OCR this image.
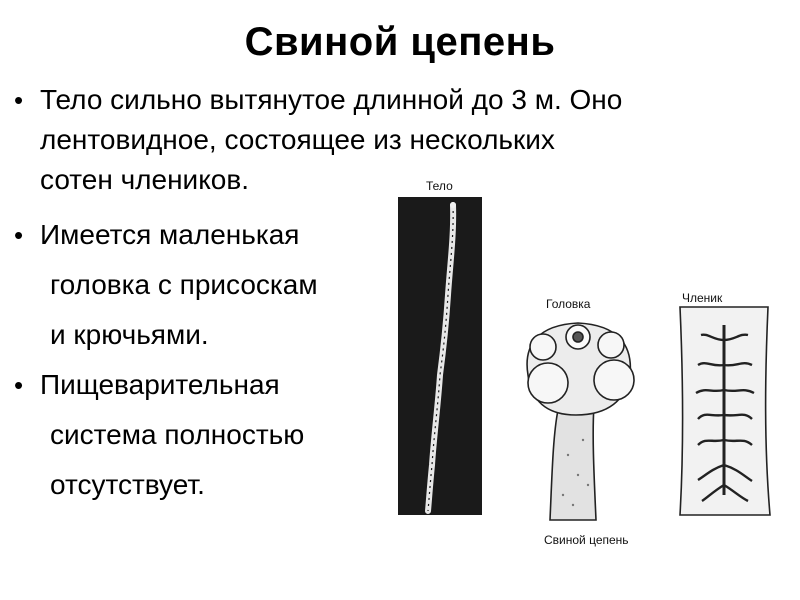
Свиной цепень
• Тело сильно вытянутое длинной до 3 м. Оно
лентовидное, состоящее из нескольких
сотен члеников.
• Имеется маленькая
головка с присоскам
и крючьями.
• Пищеварительная
система полностью
отсутствует.
Тело
Головка	Членик
Свиной цепень
